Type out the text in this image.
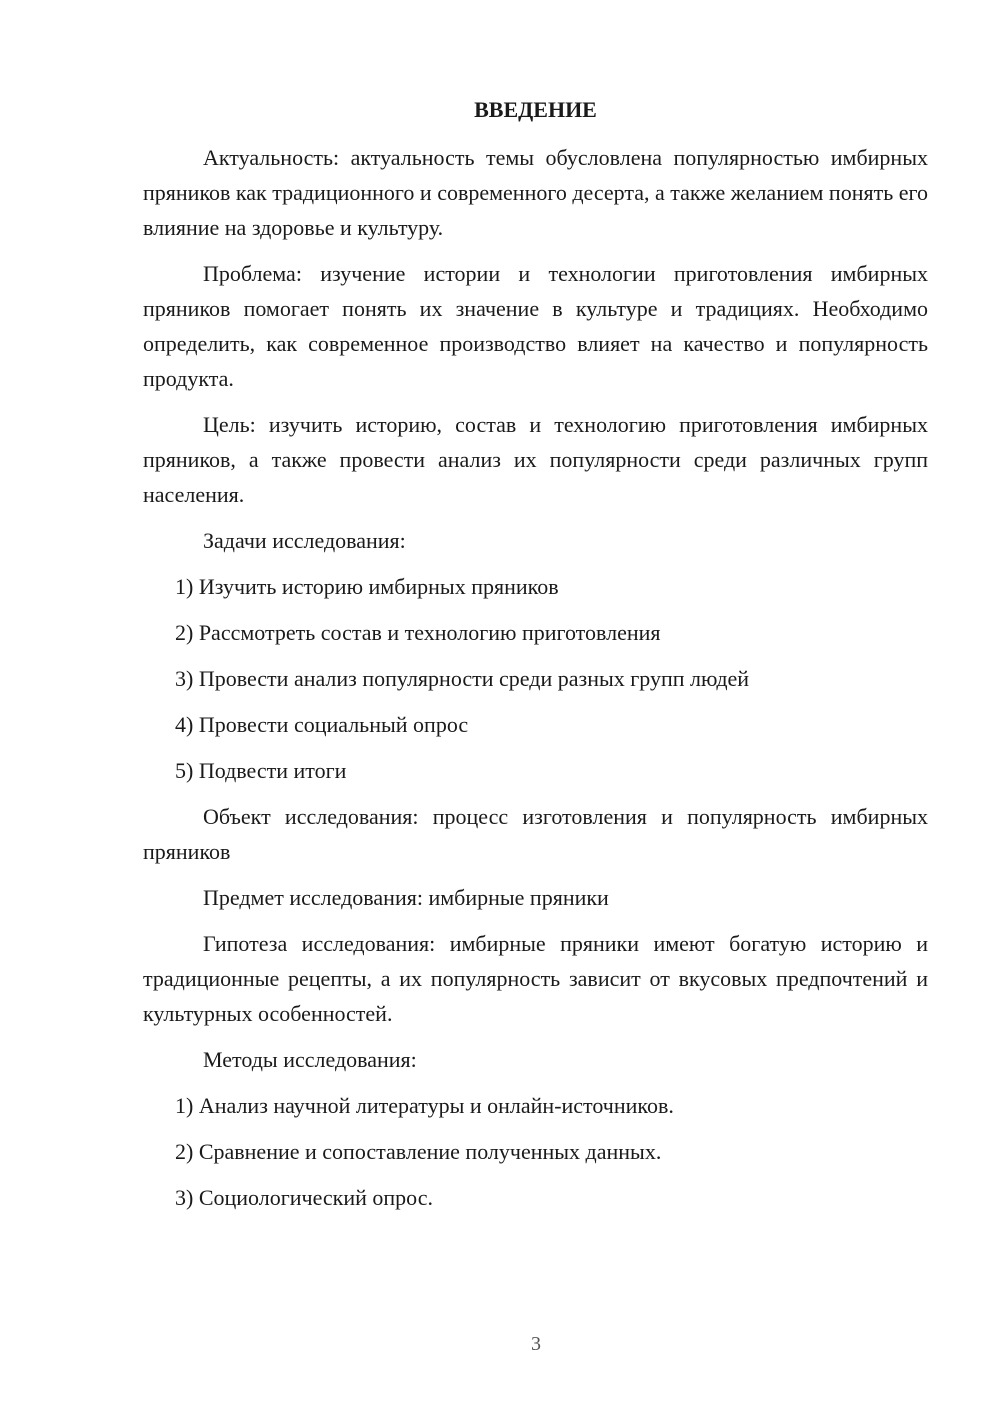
ВВЕДЕНИЕ

Актуальность: актуальность темы обусловлена популярностью имбирных пряников как традиционного и современного десерта, а также желанием понять его влияние на здоровье и культуру.

Проблема: изучение истории и технологии приготовления имбирных пряников помогает понять их значение в культуре и традициях. Необходимо определить, как современное производство влияет на качество и популярность продукта.

Цель: изучить историю, состав и технологию приготовления имбирных пряников, а также провести анализ их популярности среди различных групп населения.

Задачи исследования:
1) Изучить историю имбирных пряников
2) Рассмотреть состав и технологию приготовления
3) Провести анализ популярности среди разных групп людей
4) Провести социальный опрос
5) Подвести итоги

Объект исследования: процесс изготовления и популярность имбирных пряников

Предмет исследования: имбирные пряники

Гипотеза исследования: имбирные пряники имеют богатую историю и традиционные рецепты, а их популярность зависит от вкусовых предпочтений и культурных особенностей.

Методы исследования:
1) Анализ научной литературы и онлайн-источников.
2) Сравнение и сопоставление полученных данных.
3) Социологический опрос.
3
